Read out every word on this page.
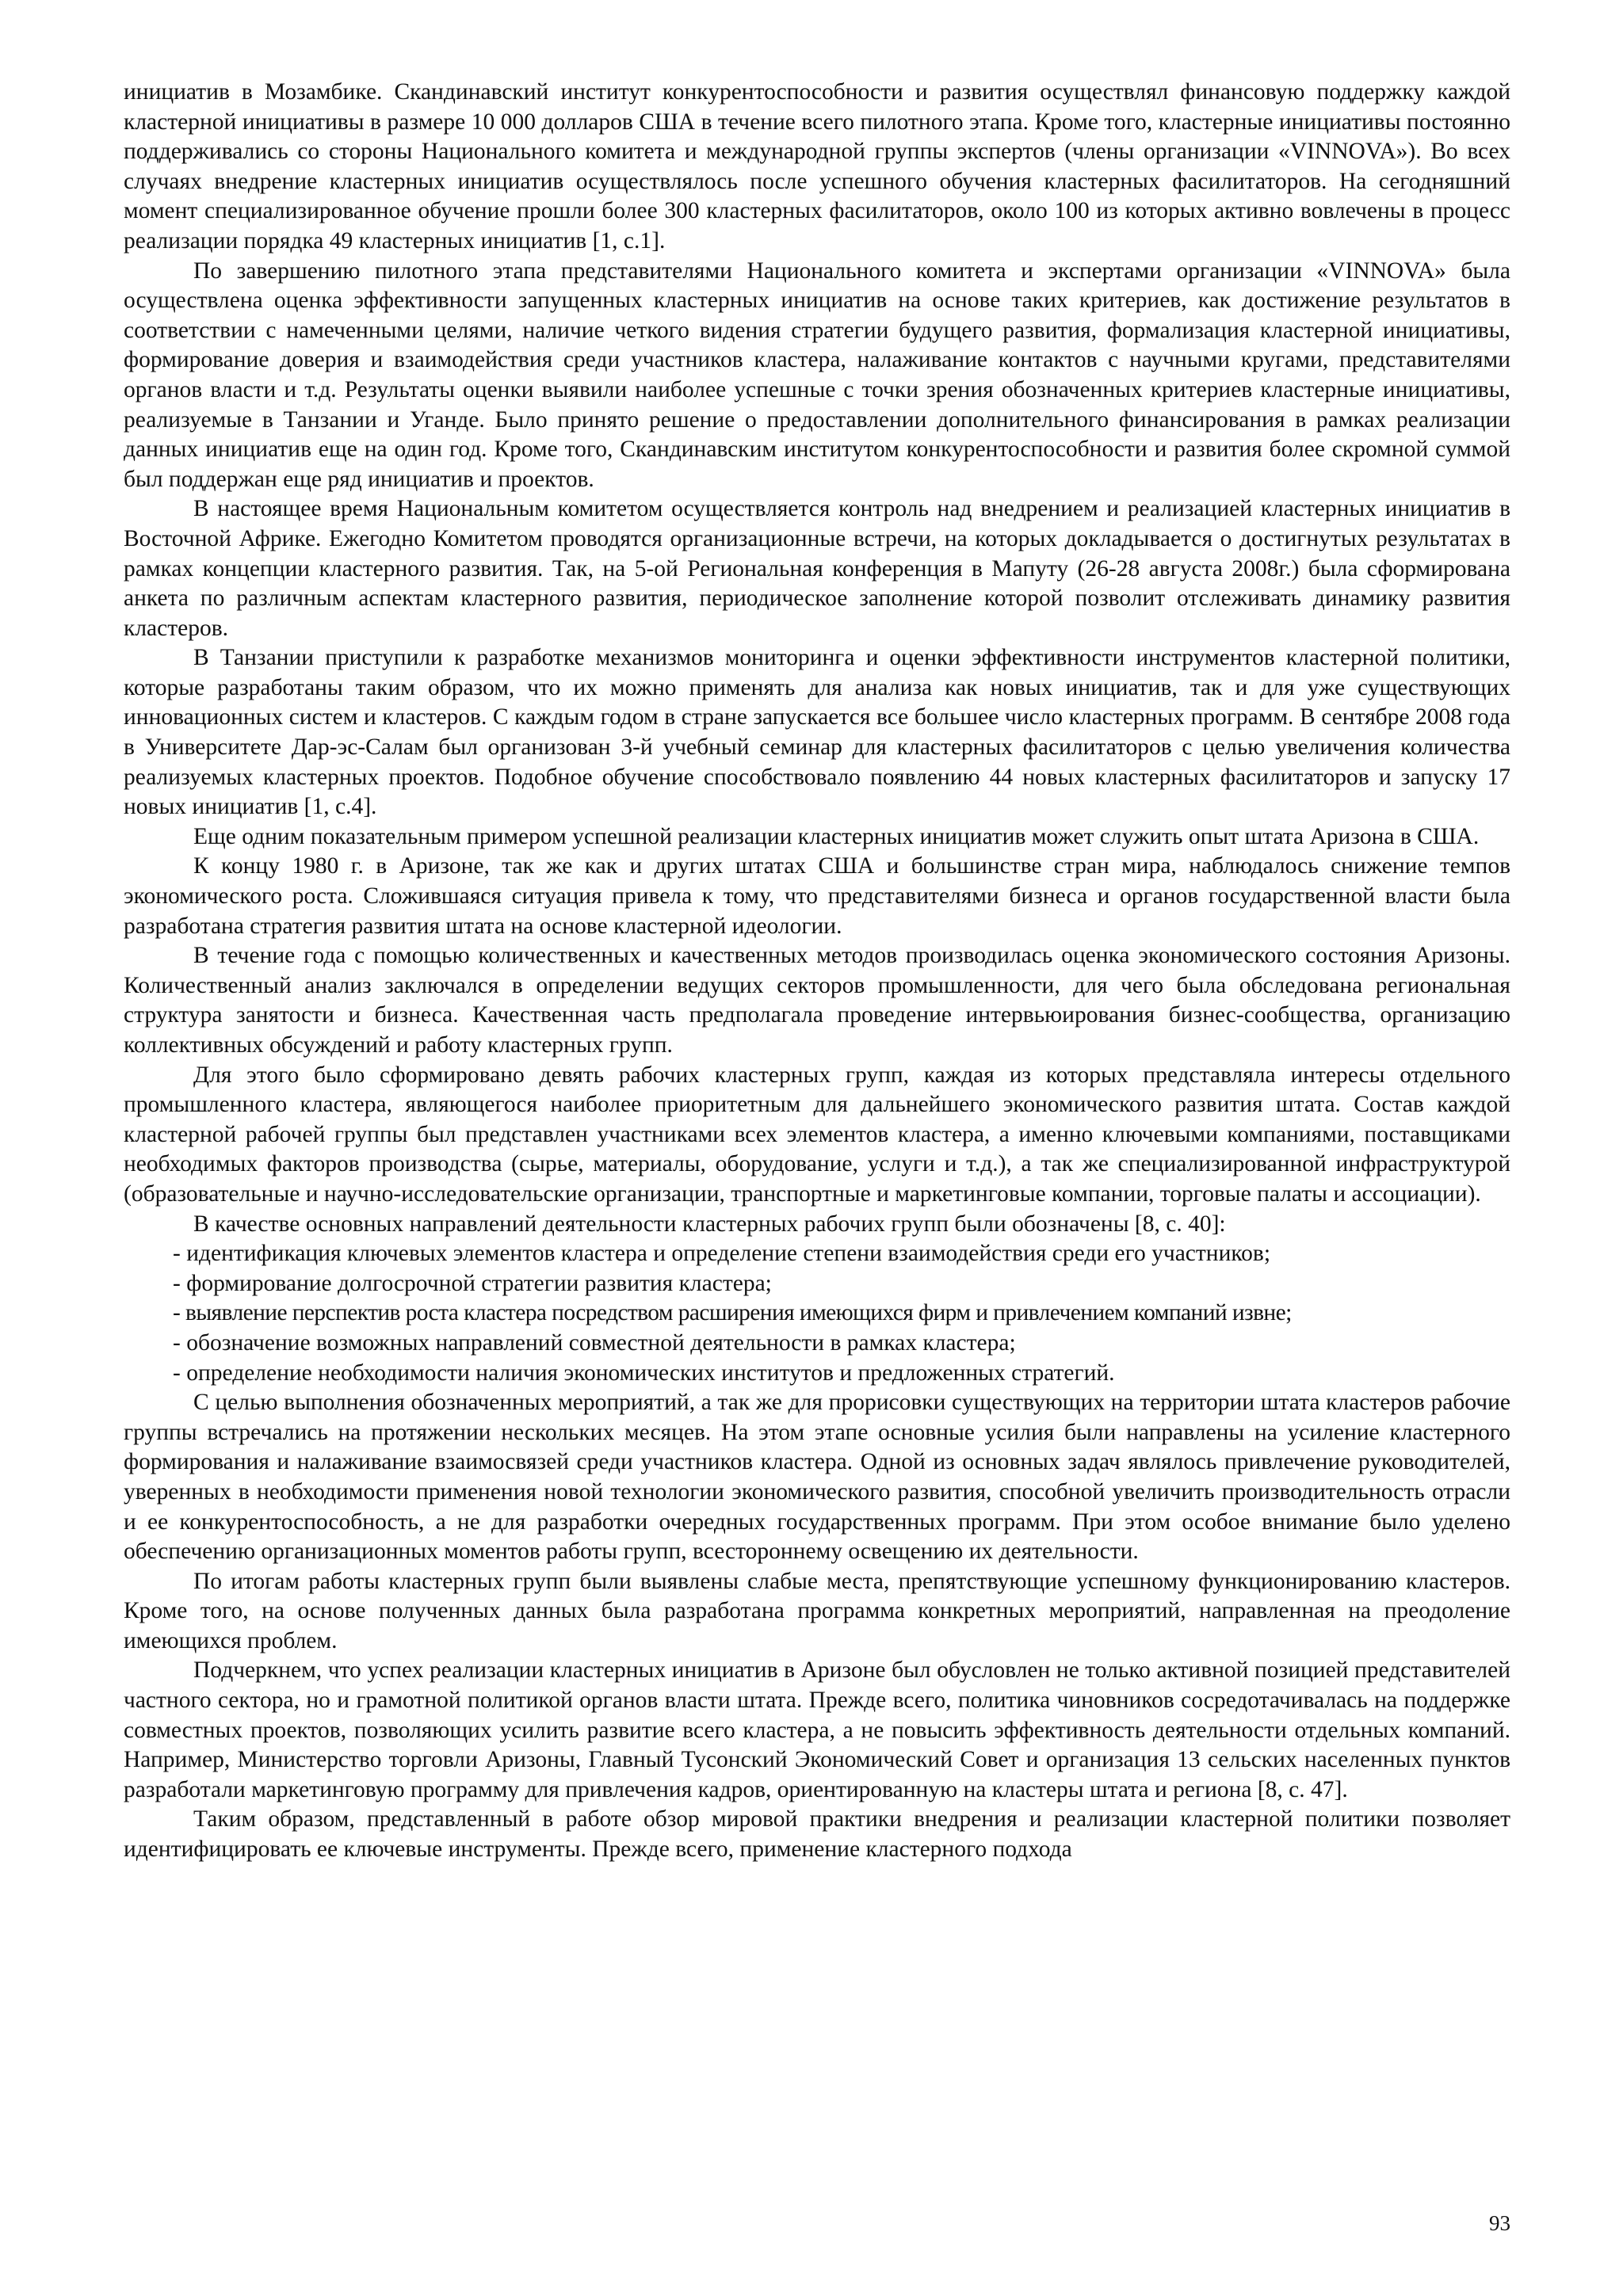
инициатив в Мозамбике. Скандинавский институт конкурентоспособности и развития осуществлял финансовую поддержку каждой кластерной инициативы в размере 10 000 долларов США в течение всего пилотного этапа. Кроме того, кластерные инициативы постоянно поддерживались со стороны Национального комитета и международной группы экспертов (члены организации «VINNOVA»). Во всех случаях внедрение кластерных инициатив осуществлялось после успешного обучения кластерных фасилитаторов. На сегодняшний момент специализированное обучение прошли более 300 кластерных фасилитаторов, около 100 из которых активно вовлечены в процесс реализации порядка 49 кластерных инициатив [1, с.1].

По завершению пилотного этапа представителями Национального комитета и экспертами организации «VINNOVA» была осуществлена оценка эффективности запущенных кластерных инициатив на основе таких критериев, как достижение результатов в соответствии с намеченными целями, наличие четкого видения стратегии будущего развития, формализация кластерной инициативы, формирование доверия и взаимодействия среди участников кластера, налаживание контактов с научными кругами, представителями органов власти и т.д. Результаты оценки выявили наиболее успешные с точки зрения обозначенных критериев кластерные инициативы, реализуемые в Танзании и Уганде. Было принято решение о предоставлении дополнительного финансирования в рамках реализации данных инициатив еще на один год. Кроме того, Скандинавским институтом конкурентоспособности и развития более скромной суммой был поддержан еще ряд инициатив и проектов.

В настоящее время Национальным комитетом осуществляется контроль над внедрением и реализацией кластерных инициатив в Восточной Африке. Ежегодно Комитетом проводятся организационные встречи, на которых докладывается о достигнутых результатах в рамках концепции кластерного развития. Так, на 5-ой Региональная конференция в Мапуту (26-28 августа 2008г.) была сформирована анкета по различным аспектам кластерного развития, периодическое заполнение которой позволит отслеживать динамику развития кластеров.

В Танзании приступили к разработке механизмов мониторинга и оценки эффективности инструментов кластерной политики, которые разработаны таким образом, что их можно применять для анализа как новых инициатив, так и для уже существующих инновационных систем и кластеров. С каждым годом в стране запускается все большее число кластерных программ. В сентябре 2008 года в Университете Дар-эс-Салам был организован 3-й учебный семинар для кластерных фасилитаторов с целью увеличения количества реализуемых кластерных проектов. Подобное обучение способствовало появлению 44 новых кластерных фасилитаторов и запуску 17 новых инициатив [1, с.4].

Еще одним показательным примером успешной реализации кластерных инициатив может служить опыт штата Аризона в США.

К концу 1980 г. в Аризоне, так же как и других штатах США и большинстве стран мира, наблюдалось снижение темпов экономического роста. Сложившаяся ситуация привела к тому, что представителями бизнеса и органов государственной власти была разработана стратегия развития штата на основе кластерной идеологии.

В течение года с помощью количественных и качественных методов производилась оценка экономического состояния Аризоны. Количественный анализ заключался в определении ведущих секторов промышленности, для чего была обследована региональная структура занятости и бизнеса. Качественная часть предполагала проведение интервьюирования бизнес-сообщества, организацию коллективных обсуждений и работу кластерных групп.

Для этого было сформировано девять рабочих кластерных групп, каждая из которых представляла интересы отдельного промышленного кластера, являющегося наиболее приоритетным для дальнейшего экономического развития штата. Состав каждой кластерной рабочей группы был представлен участниками всех элементов кластера, а именно ключевыми компаниями, поставщиками необходимых факторов производства (сырье, материалы, оборудование, услуги и т.д.), а так же специализированной инфраструктурой (образовательные и научно-исследовательские организации, транспортные и маркетинговые компании, торговые палаты и ассоциации).

В качестве основных направлений деятельности кластерных рабочих групп были обозначены [8, с. 40]:

- идентификация ключевых элементов кластера и определение степени взаимодействия среди его участников;

- формирование долгосрочной стратегии развития кластера;

- выявление перспектив роста кластера посредством расширения имеющихся фирм и привлечением компаний извне;

- обозначение возможных направлений совместной деятельности в рамках кластера;

- определение необходимости наличия экономических институтов и предложенных стратегий.

С целью выполнения обозначенных мероприятий, а так же для прорисовки существующих на территории штата кластеров рабочие группы встречались на протяжении нескольких месяцев. На этом этапе основные усилия были направлены на усиление кластерного формирования и налаживание взаимосвязей среди участников кластера. Одной из основных задач являлось привлечение руководителей, уверенных в необходимости применения новой технологии экономического развития, способной увеличить производительность отрасли и ее конкурентоспособность, а не для разработки очередных государственных программ. При этом особое внимание было уделено обеспечению организационных моментов работы групп, всестороннему освещению их деятельности.

По итогам работы кластерных групп были выявлены слабые места, препятствующие успешному функционированию кластеров. Кроме того, на основе полученных данных была разработана программа конкретных мероприятий, направленная на преодоление имеющихся проблем.

Подчеркнем, что успех реализации кластерных инициатив в Аризоне был обусловлен не только активной позицией представителей частного сектора, но и грамотной политикой органов власти штата. Прежде всего, политика чиновников сосредотачивалась на поддержке совместных проектов, позволяющих усилить развитие всего кластера, а не повысить эффективность деятельности отдельных компаний. Например, Министерство торговли Аризоны, Главный Тусонский Экономический Совет и организация 13 сельских населенных пунктов разработали маркетинговую программу для привлечения кадров, ориентированную на кластеры штата и региона [8, с. 47].

Таким образом, представленный в работе обзор мировой практики внедрения и реализации кластерной политики позволяет идентифицировать ее ключевые инструменты. Прежде всего, применение кластерного подхода

93
